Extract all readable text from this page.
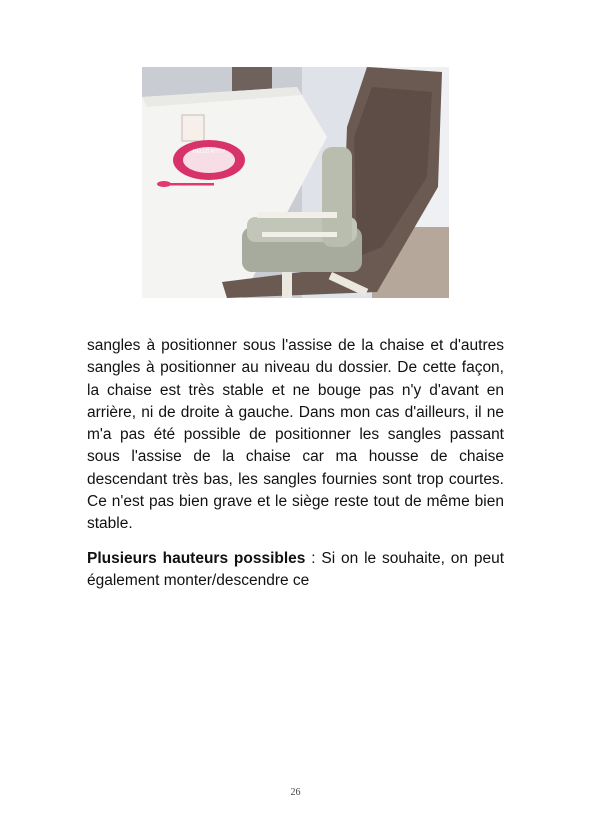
HELLO KITTY

sangles à positionner sous l'assise de la chaise et d'autres sangles à positionner au niveau du dossier. De cette façon, la chaise est très stable et ne bouge pas n'y d'avant en arrière, ni de droite à gauche. Dans mon cas d'ailleurs, il ne m'a pas été possible de positionner les sangles passant sous l'assise de la chaise car ma housse de chaise descendant très bas, les sangles fournies sont trop courtes. Ce n'est pas bien grave et le siège reste tout de même bien stable.

Plusieurs hauteurs possibles : Si on le souhaite, on peut également monter/descendre ce

26
